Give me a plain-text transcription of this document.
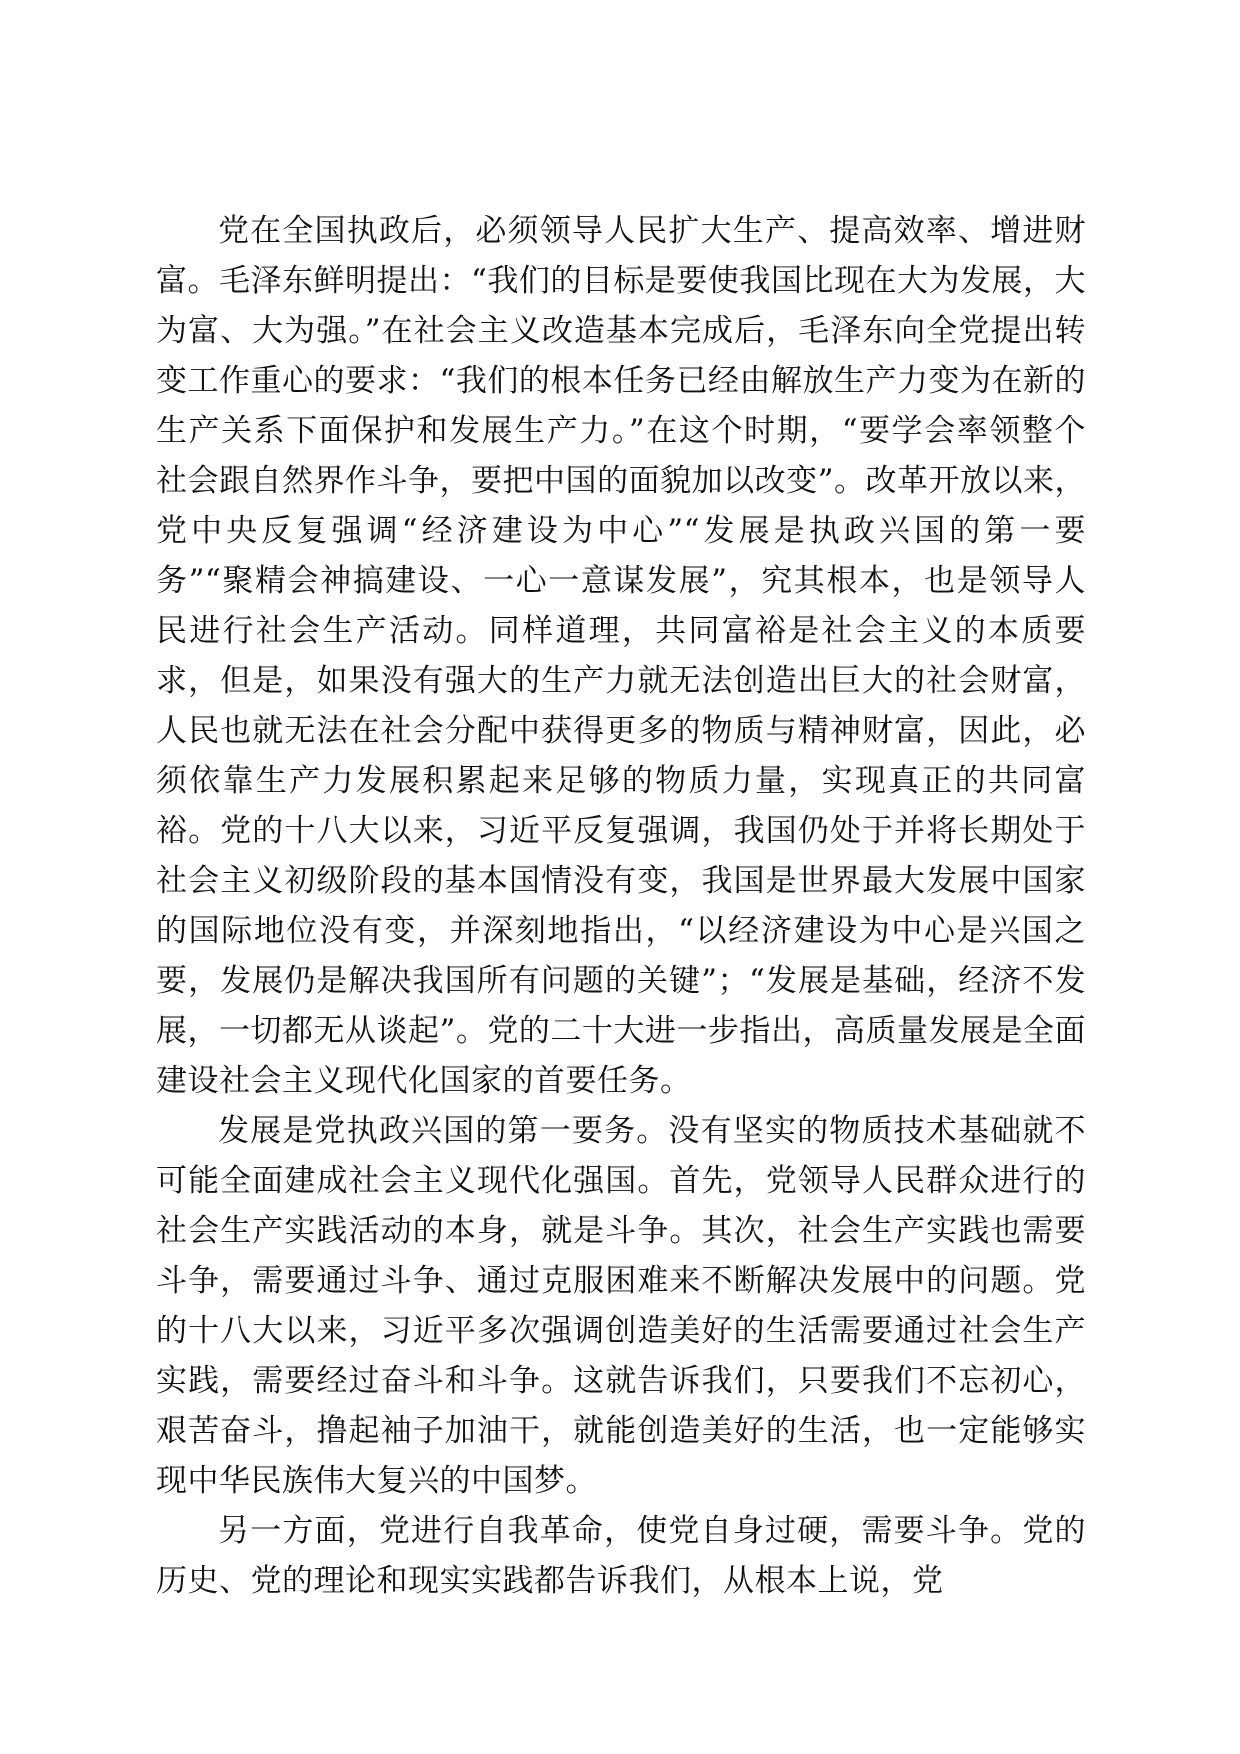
党在全国执政后，必须领导人民扩大生产、提高效率、增进财富。毛泽东鲜明提出：“我们的目标是要使我国比现在大为发展，大为富、大为强。”在社会主义改造基本完成后，毛泽东向全党提出转变工作重心的要求：“我们的根本任务已经由解放生产力变为在新的生产关系下面保护和发展生产力。”在这个时期，“要学会率领整个社会跟自然界作斗争，要把中国的面貌加以改变”。改革开放以来，党中央反复强调“经济建设为中心”“发展是执政兴国的第一要务”“聚精会神搞建设、一心一意谋发展”，究其根本，也是领导人民进行社会生产活动。同样道理，共同富裕是社会主义的本质要求，但是，如果没有强大的生产力就无法创造出巨大的社会财富，人民也就无法在社会分配中获得更多的物质与精神财富，因此，必须依靠生产力发展积累起来足够的物质力量，实现真正的共同富裕。党的十八大以来，习近平反复强调，我国仍处于并将长期处于社会主义初级阶段的基本国情没有变，我国是世界最大发展中国家的国际地位没有变，并深刻地指出，“以经济建设为中心是兴国之要，发展仍是解决我国所有问题的关键”；“发展是基础，经济不发展，一切都无从谈起”。党的二十大进一步指出，高质量发展是全面建设社会主义现代化国家的首要任务。

发展是党执政兴国的第一要务。没有坚实的物质技术基础就不可能全面建成社会主义现代化强国。首先，党领导人民群众进行的社会生产实践活动的本身，就是斗争。其次，社会生产实践也需要斗争，需要通过斗争、通过克服困难来不断解决发展中的问题。党的十八大以来，习近平多次强调创造美好的生活需要通过社会生产实践，需要经过奋斗和斗争。这就告诉我们，只要我们不忘初心，艰苦奋斗，撸起袖子加油干，就能创造美好的生活，也一定能够实现中华民族伟大复兴的中国梦。

另一方面，党进行自我革命，使党自身过硬，需要斗争。党的历史、党的理论和现实实践都告诉我们，从根本上说，党
